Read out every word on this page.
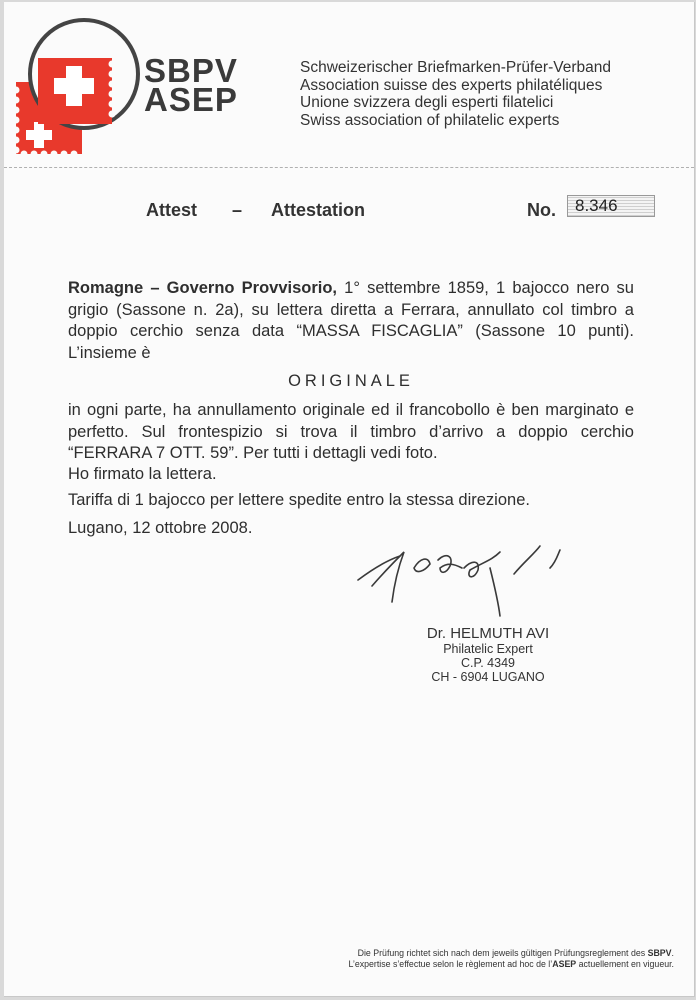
SBPV
ASEP
Schweizerischer Briefmarken-Prüfer-Verband
Association suisse des experts philatéliques
Unione svizzera degli esperti filatelici
Swiss association of philatelic experts
Attest – Attestation	No. 8.346

Romagne – Governo Provvisorio, 1° settembre 1859, 1 bajocco nero su grigio (Sassone n. 2a), su lettera diretta a Ferrara, annullato col timbro a doppio cerchio senza data “MASSA FISCAGLIA” (Sassone 10 punti). L’insieme è

ORIGINALE

in ogni parte, ha annullamento originale ed il francobollo è ben marginato e perfetto. Sul frontespizio si trova il timbro d’arrivo a doppio cerchio “FERRARA 7 OTT. 59”. Per tutti i dettagli vedi foto.

Ho firmato la lettera.
Tariffa di 1 bajocco per lettere spedite entro la stessa direzione.
Lugano, 12 ottobre 2008.
Dr. HELMUTH AVI
Philatelic Expert
C.P. 4349
CH - 6904 LUGANO
Die Prüfung richtet sich nach dem jeweils gültigen Prüfungsreglement des SBPV.
L’expertise s’effectue selon le règlement ad hoc de l’ASEP actuellement en vigueur.
